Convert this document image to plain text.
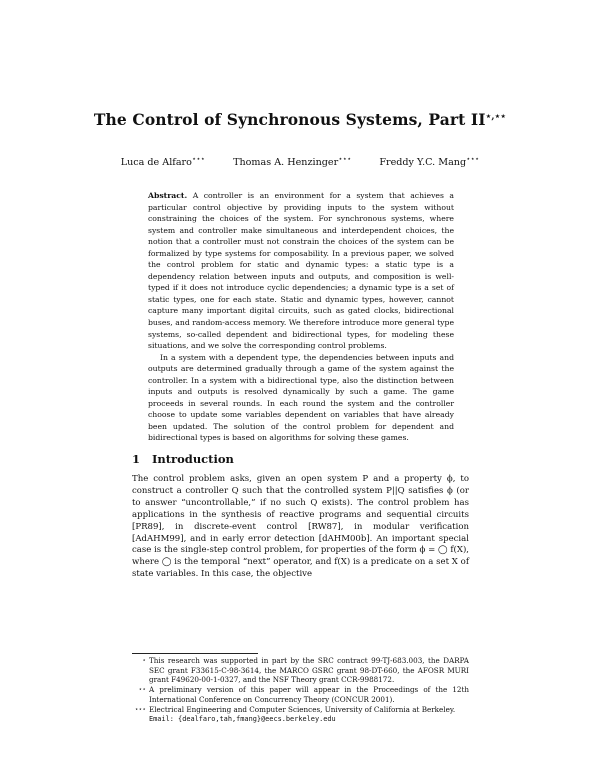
The Control of Synchronous Systems, Part II⋆,⋆⋆
Luca de Alfaro⋆⋆⋆	Thomas A. Henzinger⋆⋆⋆	Freddy Y.C. Mang⋆⋆⋆

Abstract. A controller is an environment for a system that achieves a particular control objective by providing inputs to the system without constraining the choices of the system. For synchronous systems, where system and controller make simultaneous and interdependent choices, the notion that a controller must not constrain the choices of the system can be formalized by type systems for composability. In a previous paper, we solved the control problem for static and dynamic types: a static type is a dependency relation between inputs and outputs, and composition is well-typed if it does not introduce cyclic dependencies; a dynamic type is a set of static types, one for each state. Static and dynamic types, however, cannot capture many important digital circuits, such as gated clocks, bidirectional buses, and random-access memory. We therefore introduce more general type systems, so-called dependent and bidirectional types, for modeling these situations, and we solve the corresponding control problems.

In a system with a dependent type, the dependencies between inputs and outputs are determined gradually through a game of the system against the controller. In a system with a bidirectional type, also the distinction between inputs and outputs is resolved dynamically by such a game. The game proceeds in several rounds. In each round the system and the controller choose to update some variables dependent on variables that have already been updated. The solution of the control problem for dependent and bidirectional types is based on algorithms for solving these games.

1 Introduction

The control problem asks, given an open system P and a property ϕ, to construct a controller Q such that the controlled system P||Q satisfies ϕ (or to answer “uncontrollable,” if no such Q exists). The control problem has applications in the synthesis of reactive programs and sequential circuits [PR89], in discrete-event control [RW87], in modular verification [AdAHM99], and in early error detection [dAHM00b]. An important special case is the single-step control problem, for properties of the form ϕ = ◯ f(X), where ◯ is the temporal “next” operator, and f(X) is a predicate on a set X of state variables. In this case, the objective

⋆ This research was supported in part by the SRC contract 99-TJ-683.003, the DARPA SEC grant F33615-C-98-3614, the MARCO GSRC grant 98-DT-660, the AFOSR MURI grant F49620-00-1-0327, and the NSF Theory grant CCR-9988172.
⋆⋆ A preliminary version of this paper will appear in the Proceedings of the 12th International Conference on Concurrency Theory (CONCUR 2001).
⋆⋆⋆ Electrical Engineering and Computer Sciences, University of California at Berkeley.
Email: {dealfaro,tah,fmang}@eecs.berkeley.edu
